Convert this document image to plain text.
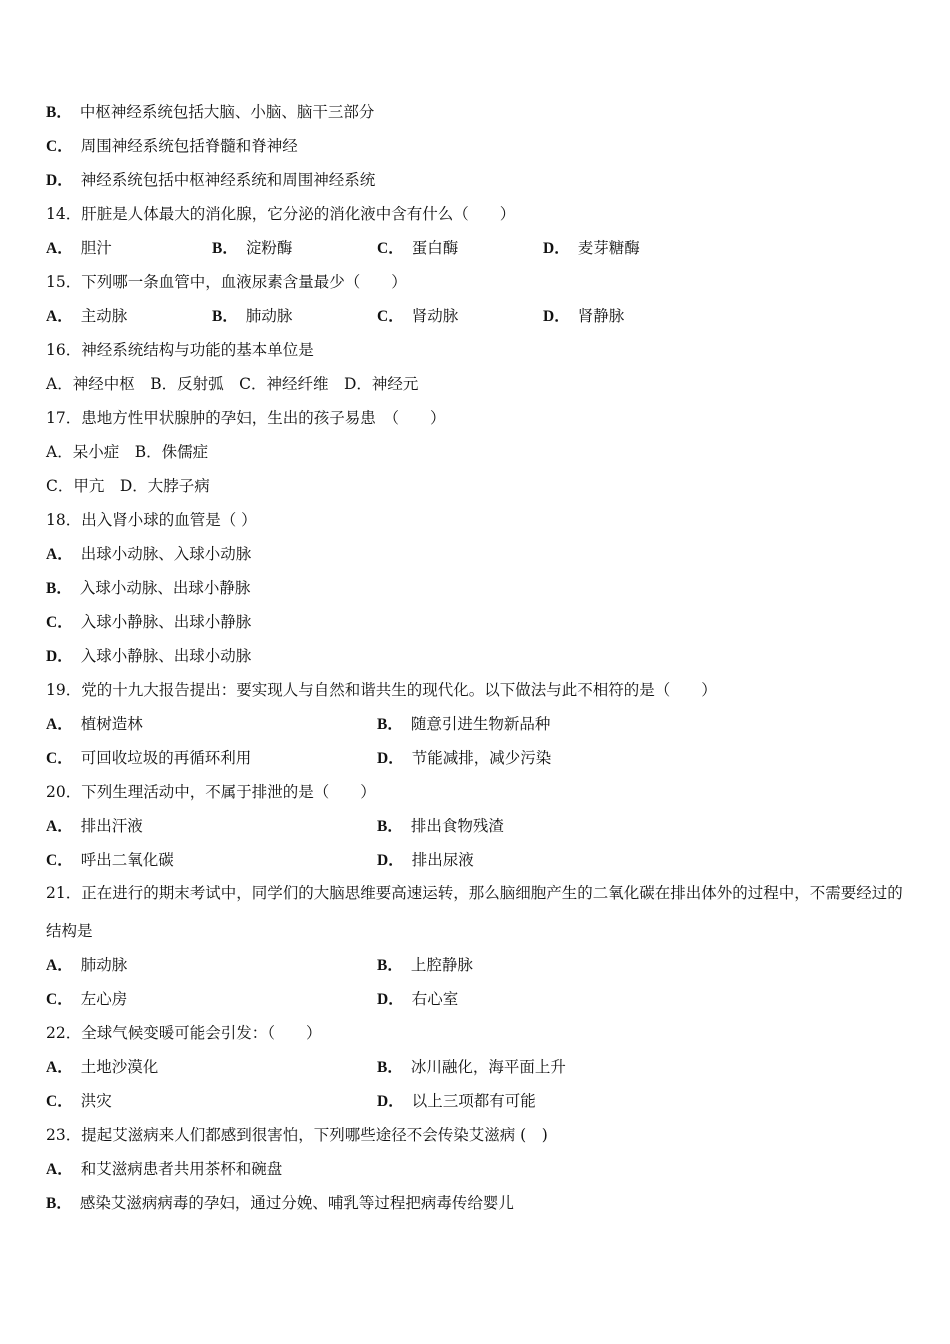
B． 中枢神经系统包括大脑、小脑、脑干三部分
C． 周围神经系统包括脊髓和脊神经
D． 神经系统包括中枢神经系统和周围神经系统
14．肝脏是人体最大的消化腺，它分泌的消化液中含有什么（　　）
A． 胆汁	B． 淀粉酶	C． 蛋白酶	D． 麦芽糖酶
15．下列哪一条血管中，血液尿素含量最少（　　）
A． 主动脉	B． 肺动脉	C． 肾动脉	D． 肾静脉
16．神经系统结构与功能的基本单位是
A．神经中枢　B．反射弧　C．神经纤维　D．神经元
17．患地方性甲状腺肿的孕妇，生出的孩子易患　（　　）
A．呆小症　B．侏儒症
C．甲亢　D．大脖子病
18．出入肾小球的血管是（ ）
A． 出球小动脉、入球小动脉
B． 入球小动脉、出球小静脉
C． 入球小静脉、出球小静脉
D． 入球小静脉、出球小动脉
19．党的十九大报告提出：要实现人与自然和谐共生的现代化。以下做法与此不相符的是（　　）
A． 植树造林	B． 随意引进生物新品种
C． 可回收垃圾的再循环利用	D． 节能减排，减少污染
20．下列生理活动中，不属于排泄的是（　　）
A． 排出汗液	B． 排出食物残渣
C． 呼出二氧化碳	D． 排出尿液
21．正在进行的期末考试中，同学们的大脑思维要高速运转，那么脑细胞产生的二氧化碳在排出体外的过程中，不需要经过的结构是
A． 肺动脉	B． 上腔静脉
C． 左心房	D． 右心室
22．全球气候变暖可能会引发：（　　）
A． 土地沙漠化	B． 冰川融化，海平面上升
C． 洪灾	D． 以上三项都有可能
23．提起艾滋病来人们都感到很害怕，下列哪些途径不会传染艾滋病 (　)
A． 和艾滋病患者共用茶杯和碗盘
B． 感染艾滋病病毒的孕妇，通过分娩、哺乳等过程把病毒传给婴儿
